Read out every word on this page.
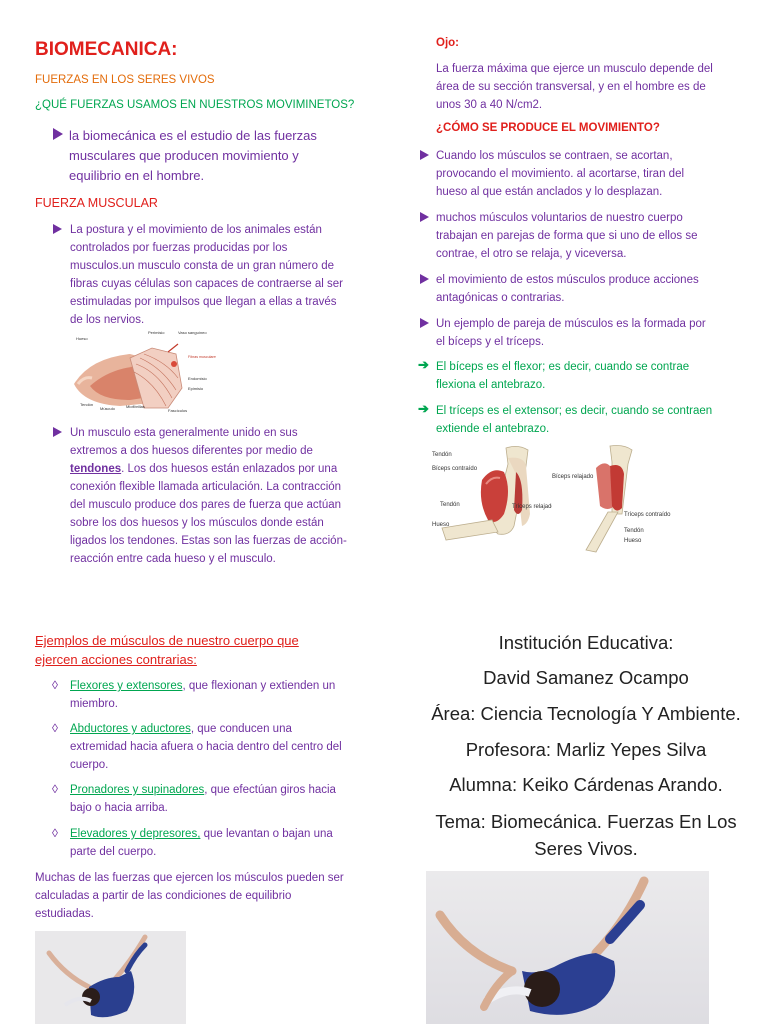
BIOMECANICA:
FUERZAS EN LOS SERES VIVOS
¿QUÉ FUERZAS USAMOS EN NUESTROS MOVIMINETOS?
la biomecánica es el estudio de las fuerzas
musculares que producen movimiento y
equilibrio en el hombre.
FUERZA MUSCULAR
La postura y el movimiento de los animales están
controlados por fuerzas producidas por los
musculos.un musculo consta de un gran número de
fibras cuyas células son capaces de contraerse al ser
estimuladas por impulsos que llegan a ellas a través
de los nervios.
Hueso
Perimisio	Vaso sanguíneo
Fibras musculares
Endomisio
Epimisio
Tendón
Músculo	Miofibrillas
Fascículos
Un musculo esta generalmente unido en sus
extremos a dos huesos diferentes por medio de
tendones. Los dos huesos están enlazados por una
conexión flexible llamada articulación. La contracción
del musculo produce dos pares de fuerza que actúan
sobre los dos huesos y los músculos donde están
ligados los tendones. Estas son las fuerzas de acción-
reacción entre cada hueso y el musculo.
Ojo:
La fuerza máxima que ejerce un musculo depende del
área de su sección transversal, y en el hombre es de
unos 30 a 40 N/cm2.
¿CÓMO SE PRODUCE EL MOVIMIENTO?
Cuando los músculos se contraen, se acortan,
provocando el movimiento. al acortarse, tiran del
hueso al que están anclados y lo desplazan.
muchos músculos voluntarios de nuestro cuerpo
trabajan en parejas de forma que si uno de ellos se
contrae, el otro se relaja, y viceversa.
el movimiento de estos músculos produce acciones
antagónicas o contrarias.
Un ejemplo de pareja de músculos es la formada por
el bíceps y el tríceps.
➔ El bíceps es el flexor; es decir, cuando se contrae
flexiona el antebrazo.
➔ El tríceps es el extensor; es decir, cuando se contraen
extiende el antebrazo.
Tendón
Bíceps contraído
Tendón
Hueso
Tríceps relajado
Bíceps relajado
Tríceps contraído
Tendón
Hueso
Ejemplos de músculos de nuestro cuerpo que
ejercen acciones contrarias:
◊ Flexores y extensores, que flexionan y extienden un
miembro.
◊ Abductores y aductores, que conducen una
extremidad hacia afuera o hacia dentro del centro del
cuerpo.
◊ Pronadores y supinadores, que efectúan giros hacia
bajo o hacia arriba.
◊ Elevadores y depresores, que levantan o bajan una
parte del cuerpo.
Muchas de las fuerzas que ejercen los músculos pueden ser
calculadas a partir de las condiciones de equilibrio
estudiadas.
Institución Educativa:
David Samanez Ocampo
Área: Ciencia Tecnología Y Ambiente.
Profesora: Marliz Yepes Silva
Alumna: Keiko Cárdenas Arando.
Tema: Biomecánica. Fuerzas En Los
Seres Vivos.
